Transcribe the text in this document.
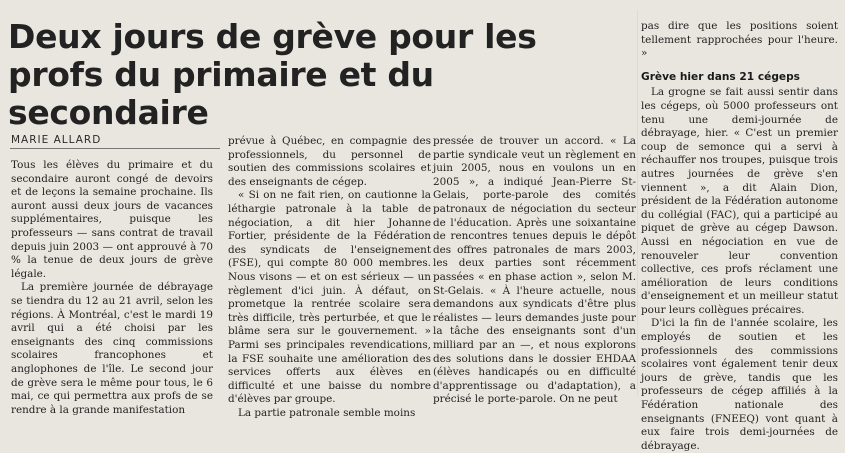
Deux jours de grève pour les profs du primaire et du secondaire
MARIE ALLARD

Tous les élèves du primaire et du secondaire auront congé de devoirs et de leçons la semaine prochaine. Ils auront aussi deux jours de vacances supplémentaires, puisque les professeurs — sans contrat de travail depuis juin 2003 — ont approuvé à 70 % la tenue de deux jours de grève légale.

La première journée de débrayage se tiendra du 12 au 21 avril, selon les régions. À Montréal, c'est le mardi 19 avril qui a été choisi par les enseignants des cinq commissions scolaires francophones et anglophones de l'île. Le second jour de grève sera le même pour tous, le 6 mai, ce qui permettra aux profs de se rendre à la grande manifestation

prévue à Québec, en compagnie des professionnels, du personnel de soutien des commissions scolaires et des enseignants de cégep.

« Si on ne fait rien, on cautionne la léthargie patronale à la table de négociation, a dit hier Johanne Fortier, présidente de la Fédération des syndicats de l'enseignement (FSE), qui compte 80 000 membres. Nous visons — et on est sérieux — un règlement d'ici juin. À défaut, on prometque la rentrée scolaire sera très difficile, très perturbée, et que le blâme sera sur le gouvernement. » Parmi ses principales revendications, la FSE souhaite une amélioration des services offerts aux élèves en difficulté et une baisse du nombre d'élèves par groupe.

La partie patronale semble moins

pressée de trouver un accord. « La partie syndicale veut un règlement en juin 2005, nous en voulons un en 2005 », a indiqué Jean-Pierre St-Gelais, porte-parole des comités patronaux de négociation du secteur de l'éducation. Après une soixantaine de rencontres tenues depuis le dépôt des offres patronales de mars 2003, les deux parties sont récemment passées « en phase action », selon M. St-Gelais. « À l'heure actuelle, nous demandons aux syndicats d'être plus réalistes — leurs demandes juste pour la tâche des enseignants sont d'un milliard par an —, et nous explorons des solutions dans le dossier EHDAA (élèves handicapés ou en difficulté d'apprentissage ou d'adaptation), a précisé le porte-parole. On ne peut

pas dire que les positions soient tellement rapprochées pour l'heure. »

Grève hier dans 21 cégeps

La grogne se fait aussi sentir dans les cégeps, où 5000 professeurs ont tenu une demi-journée de débrayage, hier. « C'est un premier coup de semonce qui a servi à réchauffer nos troupes, puisque trois autres journées de grève s'en viennent », a dit Alain Dion, président de la Fédération autonome du collégial (FAC), qui a participé au piquet de grève au cégep Dawson. Aussi en négociation en vue de renouveler leur convention collective, ces profs réclament une amélioration de leurs conditions d'enseignement et un meilleur statut pour leurs collègues précaires.

D'ici la fin de l'année scolaire, les employés de soutien et les professionnels des commissions scolaires vont également tenir deux jours de grève, tandis que les professeurs de cégep affiliés à la Fédération nationale des enseignants (FNEEQ) vont quant à eux faire trois demi-journées de débrayage.
